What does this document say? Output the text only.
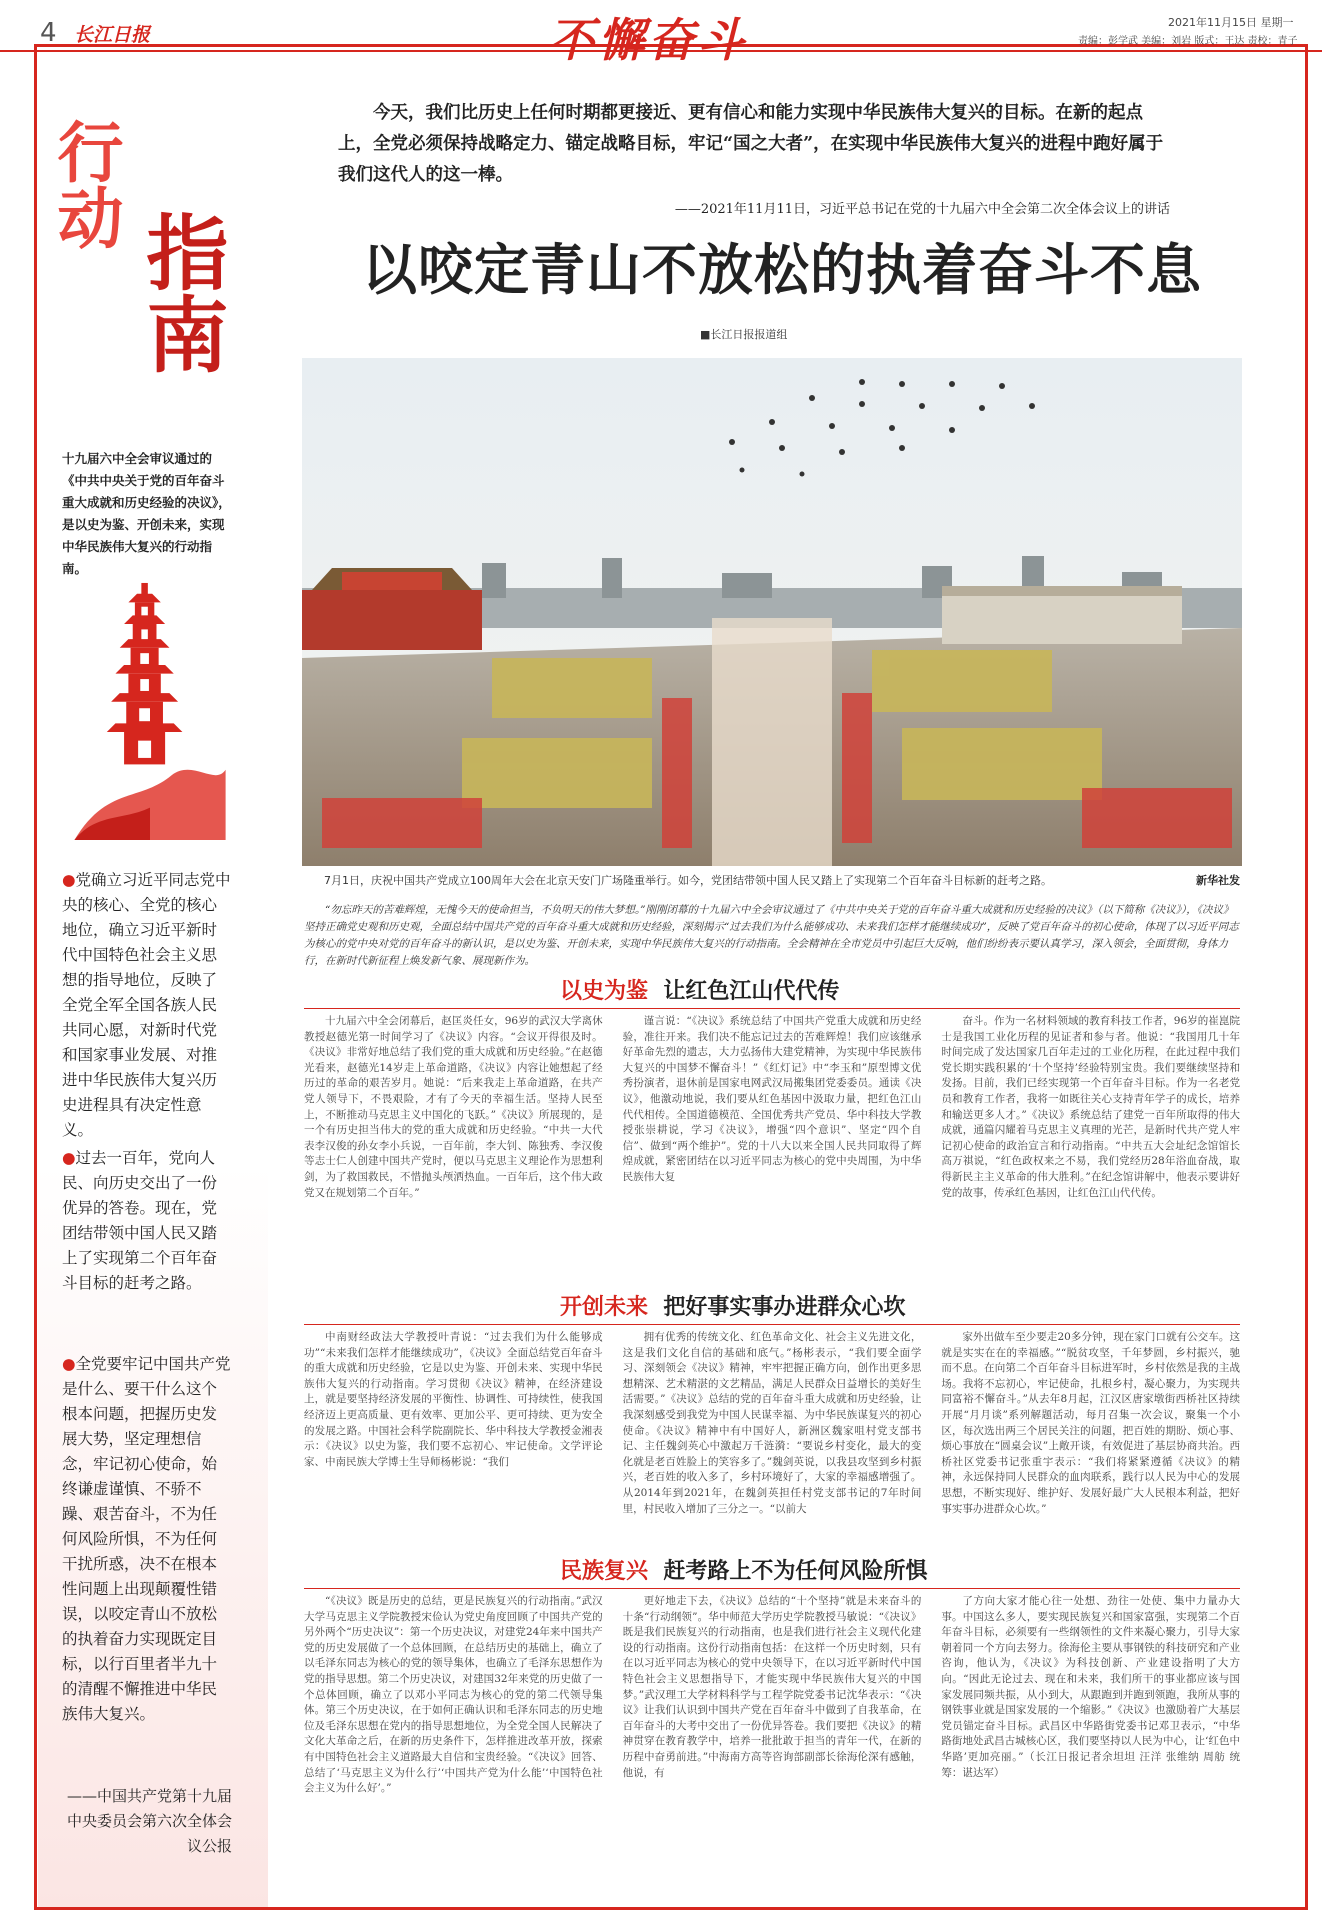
4 长江日报	不懈奋斗	2021年11月15日 星期一
责编：彭学武 美编：刘岩 版式：王达 责校：青子
行动
指南
十九届六中全会审议通过的《中共中央关于党的百年奋斗重大成就和历史经验的决议》，是以史为鉴、开创未来，实现中华民族伟大复兴的行动指南。
●党确立习近平同志党中央的核心、全党的核心地位，确立习近平新时代中国特色社会主义思想的指导地位，反映了全党全军全国各族人民共同心愿，对新时代党和国家事业发展、对推进中华民族伟大复兴历史进程具有决定性意义。
●过去一百年，党向人民、向历史交出了一份优异的答卷。现在，党团结带领中国人民又踏上了实现第二个百年奋斗目标的赶考之路。
●全党要牢记中国共产党是什么、要干什么这个根本问题，把握历史发展大势，坚定理想信念，牢记初心使命，始终谦虚谨慎、不骄不躁、艰苦奋斗，不为任何风险所惧，不为任何干扰所惑，决不在根本性问题上出现颠覆性错误，以咬定青山不放松的执着奋力实现既定目标，以行百里者半九十的清醒不懈推进中华民族伟大复兴。
——中国共产党第十九届中央委员会第六次全体会议公报
今天，我们比历史上任何时期都更接近、更有信心和能力实现中华民族伟大复兴的目标。在新的起点上，全党必须保持战略定力、锚定战略目标，牢记“国之大者”，在实现中华民族伟大复兴的进程中跑好属于我们这代人的这一棒。
——2021年11月11日，习近平总书记在党的十九届六中全会第二次全体会议上的讲话
以咬定青山不放松的执着奋斗不息
■长江日报报道组
7月1日，庆祝中国共产党成立100周年大会在北京天安门广场隆重举行。如今，党团结带领中国人民又踏上了实现第二个百年奋斗目标新的赶考之路。	新华社发
“勿忘昨天的苦难辉煌，无愧今天的使命担当，不负明天的伟大梦想。”刚刚闭幕的十九届六中全会审议通过了《中共中央关于党的百年奋斗重大成就和历史经验的决议》（以下简称《决议》），《决议》坚持正确党史观和历史观，全面总结中国共产党的百年奋斗重大成就和历史经验，深刻揭示“过去我们为什么能够成功、未来我们怎样才能继续成功”，反映了党百年奋斗的初心使命，体现了以习近平同志为核心的党中央对党的百年奋斗的新认识，是以史为鉴、开创未来，实现中华民族伟大复兴的行动指南。全会精神在全市党员中引起巨大反响，他们纷纷表示要认真学习，深入领会，全面贯彻，身体力行，在新时代新征程上焕发新气象、展现新作为。
以史为鉴 让红色江山代代传
十九届六中全会闭幕后，赵匡炎任女，96岁的武汉大学离休教授赵德光第一时间学习了《决议》内容。“会议开得很及时。《决议》非常好地总结了我们党的重大成就和历史经验。”在赵德光看来，赵德光14岁走上革命道路，《决议》内容让她想起了经历过的革命的艰苦岁月。她说：“后来我走上革命道路，在共产党人领导下，不畏艰险，才有了今天的幸福生活。坚持人民至上，不断推动马克思主义中国化的飞跃。”《决议》所展现的，是一个有历史担当伟大的党的重大成就和历史经验。“中共一大代表李汉俊的孙女李小兵说，一百年前，李大钊、陈独秀、李汉俊等志士仁人创建中国共产党时，便以马克思主义理论作为思想利剑，为了救国救民，不惜抛头颅洒热血。一百年后，这个伟大政党又在规划第二个百年。”
谨言说：“《决议》系统总结了中国共产党重大成就和历史经验，准往开来。我们决不能忘记过去的苦难辉煌！我们应该继承好革命先烈的遗志，大力弘扬伟大建党精神，为实现中华民族伟大复兴的中国梦不懈奋斗！”《红灯记》中“李玉和”原型博文优秀扮演者，退休前是国家电网武汉局搬集团党委委员。通读《决议》，他激动地说，我们要从红色基因中汲取力量，把红色江山代代相传。全国道德模范、全国优秀共产党员、华中科技大学教授张崇耕说，学习《决议》，增强“四个意识”、坚定“四个自信”、做到“两个维护”。党的十八大以来全国人民共同取得了辉煌成就，紧密团结在以习近平同志为核心的党中央周围，为中华民族伟大复
奋斗。作为一名材料领域的教育科技工作者，96岁的崔崑院士是我国工业化历程的见证者和参与者。他说：“我国用几十年时间完成了发达国家几百年走过的工业化历程，在此过程中我们党长期实践积累的‘十个坚持’经验特别宝贵。我们要继续坚持和发扬。目前，我们已经实现第一个百年奋斗目标。作为一名老党员和教育工作者，我将一如既往关心支持青年学子的成长，培养和输送更多人才。”《决议》系统总结了建党一百年所取得的伟大成就，通篇闪耀着马克思主义真理的光芒，是新时代共产党人牢记初心使命的政治宣言和行动指南。“中共五大会址纪念馆馆长高万祺说，“红色政权来之不易，我们党经历28年浴血奋战，取得新民主主义革命的伟大胜利。”在纪念馆讲解中，他表示要讲好党的故事，传承红色基因，让红色江山代代传。
开创未来 把好事实事办进群众心坎
中南财经政法大学教授叶青说：“过去我们为什么能够成功”“未来我们怎样才能继续成功”，《决议》全面总结党百年奋斗的重大成就和历史经验，它是以史为鉴、开创未来、实现中华民族伟大复兴的行动指南。学习贯彻《决议》精神，在经济建设上，就是要坚持经济发展的平衡性、协调性、可持续性，使我国经济迈上更高质量、更有效率、更加公平、更可持续、更为安全的发展之路。中国社会科学院副院长、华中科技大学教授金湘表示：《决议》以史为鉴，我们要不忘初心、牢记使命。文学评论家、中南民族大学博士生导师杨彬说：“我们
拥有优秀的传统文化、红色革命文化、社会主义先进文化，这是我们文化自信的基础和底气。”杨彬表示，“我们要全面学习、深刻领会《决议》精神，牢牢把握正确方向，创作出更多思想精深、艺术精湛的文艺精品，满足人民群众日益增长的美好生活需要。”《决议》总结的党的百年奋斗重大成就和历史经验，让我深刻感受到我党为中国人民谋幸福、为中华民族谋复兴的初心使命。《决议》精神中有中国好人，新洲区魏家咀村党支部书记、主任魏剑英心中激起万千涟漪：“要说乡村变化，最大的变化就是老百姓脸上的笑容多了。”魏剑英说，以我县攻坚到乡村振兴，老百姓的收入多了，乡村环境好了，大家的幸福感增强了。从2014年到2021年，在魏剑英担任村党支部书记的7年时间里，村民收入增加了三分之一。“以前大
家外出做车至少要走20多分钟，现在家门口就有公交车。这就是实实在在的幸福感。”“脱贫攻坚，千年梦圆，乡村振兴，驰而不息。在向第二个百年奋斗目标进军时，乡村依然是我的主战场。我将不忘初心，牢记使命，扎根乡村，凝心聚力，为实现共同富裕不懈奋斗。”从去年8月起，江汉区唐家墩街西桥社区持续开展“月月谈”系列解题活动，每月召集一次会议，聚集一个小区，每次选出两三个居民关注的问题，把百姓的期盼、烦心事、烦心事放在“圆桌会议”上敞开谈，有效促进了基层协商共治。西桥社区党委书记张重宇表示：“我们将紧紧遵循《决议》的精神，永远保持同人民群众的血肉联系，践行以人民为中心的发展思想，不断实现好、维护好、发展好最广大人民根本利益，把好事实事办进群众心坎。”
民族复兴 赶考路上不为任何风险所惧
“《决议》既是历史的总结，更是民族复兴的行动指南。”武汉大学马克思主义学院教授宋俭认为党史角度回顾了中国共产党的另外两个“历史决议”：第一个历史决议，对建党24年来中国共产党的历史发展做了一个总体回顾，在总结历史的基础上，确立了以毛泽东同志为核心的党的领导集体，也确立了毛泽东思想作为党的指导思想。第二个历史决议，对建国32年来党的历史做了一个总体回顾，确立了以邓小平同志为核心的党的第二代领导集体。第三个历史决议，在于如何正确认识和毛泽东同志的历史地位及毛泽东思想在党内的指导思想地位，为全党全国人民解决了文化大革命之后，在新的历史条件下，怎样推进改革开放，探索有中国特色社会主义道路最大自信和宝贵经验。“《决议》回答、总结了‘马克思主义为什么行’‘中国共产党为什么能’‘中国特色社会主义为什么好’。”
更好地走下去，《决议》总结的“十个坚持”就是未来奋斗的十条“行动纲领”。华中师范大学历史学院教授马敏说：“《决议》既是我们民族复兴的行动指南，也是我们进行社会主义现代化建设的行动指南。这份行动指南包括：在这样一个历史时刻，只有在以习近平同志为核心的党中央领导下，在以习近平新时代中国特色社会主义思想指导下，才能实现中华民族伟大复兴的中国梦。”武汉理工大学材料科学与工程学院党委书记沈华表示：“《决议》让我们认识到中国共产党在百年奋斗中做到了自我革命，在百年奋斗的大考中交出了一份优异答卷。我们要把《决议》的精神贯穿在教育教学中，培养一批批敢于担当的青年一代，在新的历程中奋勇前进。”中海南方高等咨询部副部长徐海伦深有感触，他说，有
了方向大家才能心往一处想、劲往一处使、集中力量办大事。中国这么多人，要实现民族复兴和国家富强，实现第二个百年奋斗目标，必须要有一些纲领性的文件来凝心聚力，引导大家朝着同一个方向去努力。徐海伦主要从事钢铁的科技研究和产业咨询，他认为，《决议》为科技创新、产业建设指明了大方向。“因此无论过去、现在和未来，我们所干的事业都应该与国家发展同频共振，从小到大，从跟跑到并跑到领跑，我所从事的钢铁事业就是国家发展的一个缩影。”《决议》也激励着广大基层党员锚定奋斗目标。武昌区中华路街党委书记邓卫表示，“中华路街地处武昌古城核心区，我们要坚持以人民为中心，让‘红色中华路’更加亮丽。”（长江日报记者余坦坦 汪洋 张维纳 周舫 统筹：谌达军）
